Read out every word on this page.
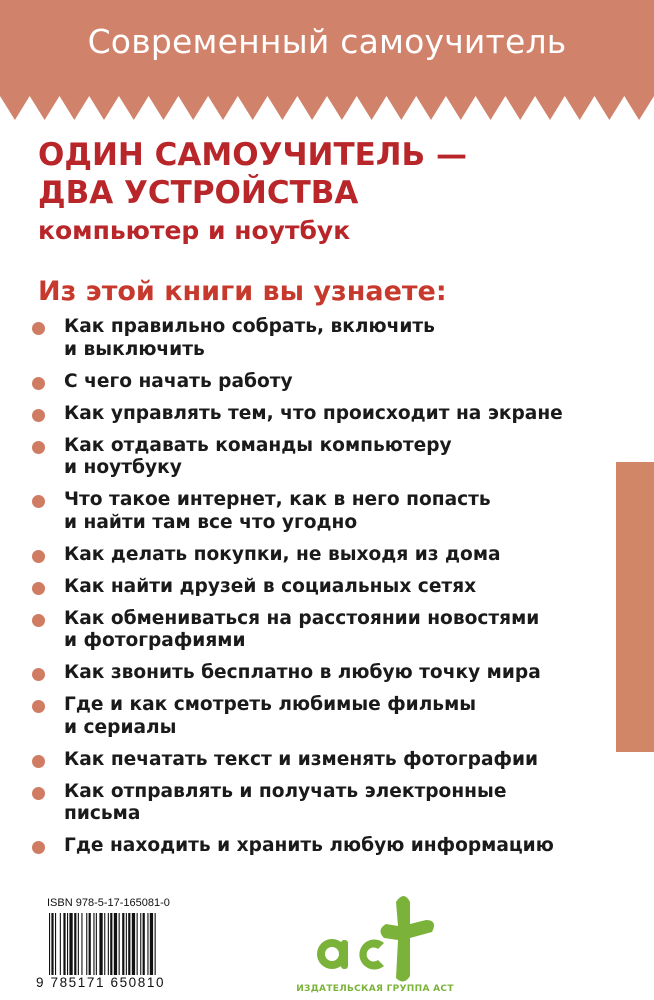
Современный самоучитель
ОДИН САМОУЧИТЕЛЬ —
ДВА УСТРОЙСТВА
компьютер и ноутбук
Из этой книги вы узнаете:
Как правильно собрать, включить
и выключить
С чего начать работу
Как управлять тем, что происходит на экране
Как отдавать команды компьютеру
и ноутбуку
Что такое интернет, как в него попасть
и найти там все что угодно
Как делать покупки, не выходя из дома
Как найти друзей в социальных сетях
Как обмениваться на расстоянии новостями
и фотографиями
Как звонить бесплатно в любую точку мира
Где и как смотреть любимые фильмы
и сериалы
Как печатать текст и изменять фотографии
Как отправлять и получать электронные
письма
Где находить и хранить любую информацию
ISBN 978-5-17-165081-0
9 785171 650810	ИЗДАТЕЛЬСКАЯ ГРУППА АСТ
